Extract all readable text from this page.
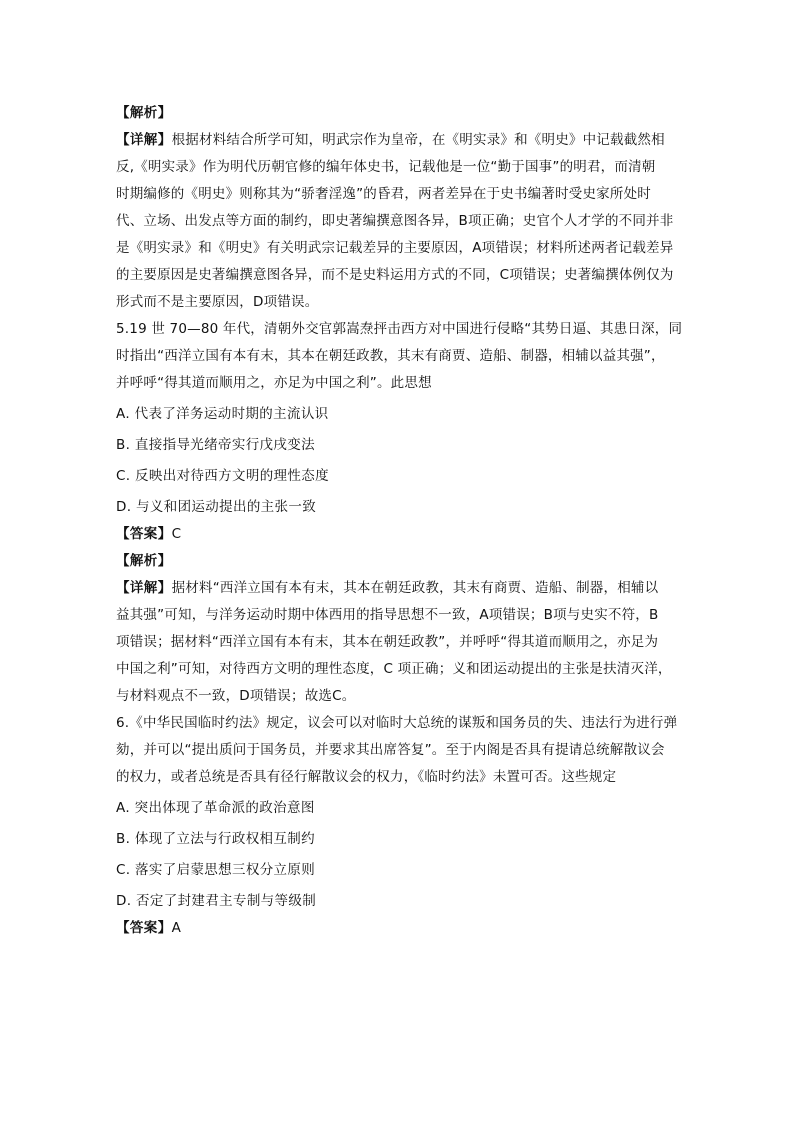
【解析】
【详解】根据材料结合所学可知，明武宗作为皇帝，在《明实录》和《明史》中记载截然相
反,《明实录》作为明代历朝官修的编年体史书，记载他是一位“勤于国事”的明君，而清朝
时期编修的《明史》则称其为“骄奢淫逸”的昏君，两者差异在于史书编著时受史家所处时
代、立场、出发点等方面的制约，即史著编撰意图各异，B项正确；史官个人才学的不同并非
是《明实录》和《明史》有关明武宗记载差异的主要原因，A项错误；材料所述两者记载差异
的主要原因是史著编撰意图各异，而不是史料运用方式的不同，C项错误；史著编撰体例仅为
形式而不是主要原因，D项错误。
5.19 世 70—80 年代，清朝外交官郭嵩焘抨击西方对中国进行侵略“其势日逼、其患日深，同
时指出“西洋立国有本有末，其本在朝廷政教，其末有商贾、造船、制器，相辅以益其强”，
并呼呼“得其道而顺用之，亦足为中国之利”。此思想
A. 代表了洋务运动时期的主流认识
B. 直接指导光绪帝实行戊戌变法
C. 反映出对待西方文明的理性态度
D. 与义和团运动提出的主张一致
【答案】C
【解析】
【详解】据材料“西洋立国有本有末，其本在朝廷政教，其末有商贾、造船、制器，相辅以
益其强”可知，与洋务运动时期中体西用的指导思想不一致，A项错误；B项与史实不符，B
项错误；据材料“西洋立国有本有末，其本在朝廷政教”，并呼呼“得其道而顺用之，亦足为
中国之利”可知，对待西方文明的理性态度，C 项正确；义和团运动提出的主张是扶清灭洋，
与材料观点不一致，D项错误；故选C。
6.《中华民国临时约法》规定，议会可以对临时大总统的谋叛和国务员的失、违法行为进行弹
劾，并可以“提出质问于国务员，并要求其出席答复”。至于内阁是否具有提请总统解散议会
的权力，或者总统是否具有径行解散议会的权力，《临时约法》未置可否。这些规定
A. 突出体现了革命派的政治意图
B. 体现了立法与行政权相互制约
C. 落实了启蒙思想三权分立原则
D. 否定了封建君主专制与等级制
【答案】A
